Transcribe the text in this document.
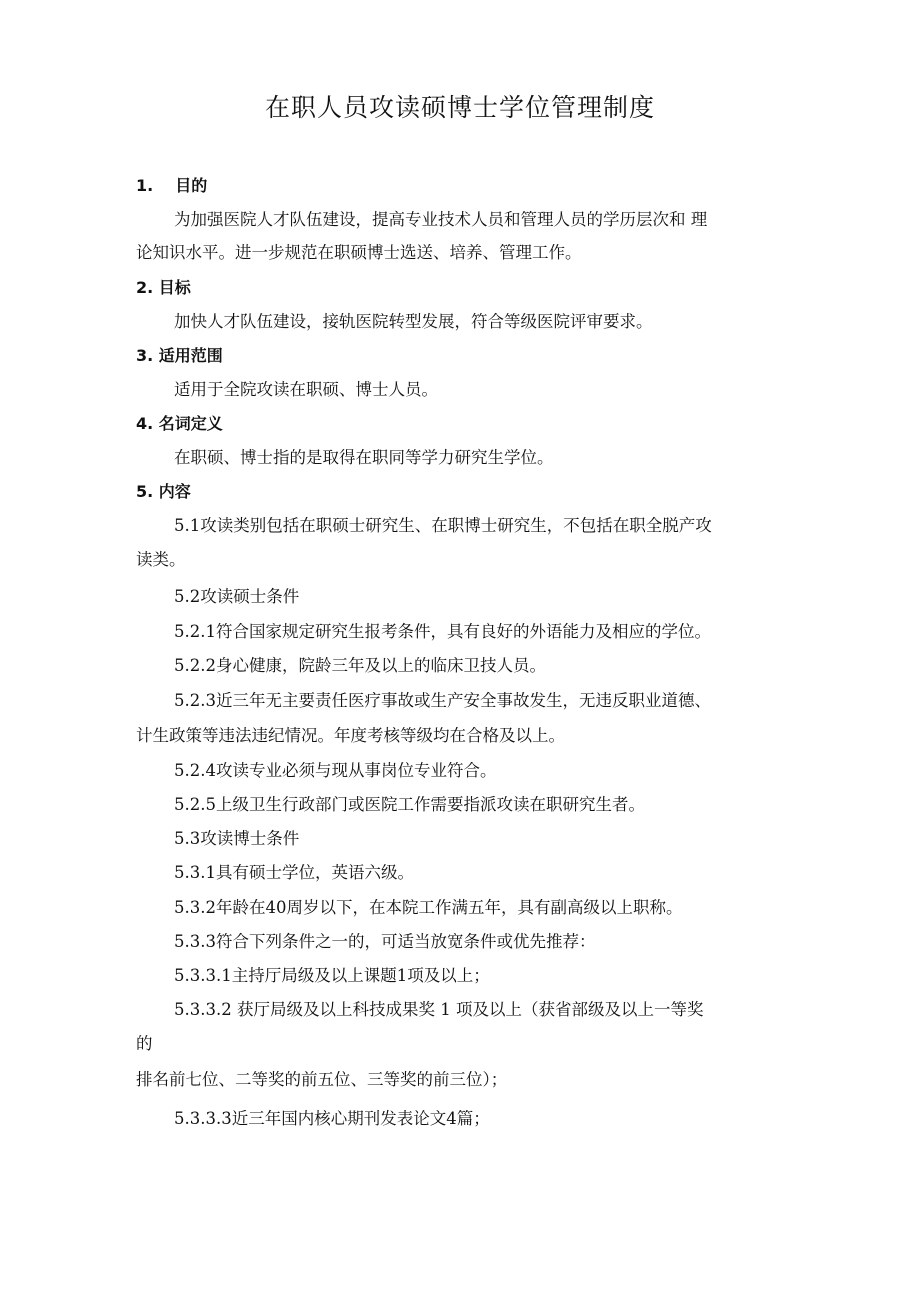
在职人员攻读硕博士学位管理制度
1. 目的
为加强医院人才队伍建设，提高专业技术人员和管理人员的学历层次和 理
论知识水平。进一步规范在职硕博士选送、培养、管理工作。
2. 目标
加快人才队伍建设，接轨医院转型发展，符合等级医院评审要求。
3. 适用范围
适用于全院攻读在职硕、博士人员。
4. 名词定义
在职硕、博士指的是取得在职同等学力研究生学位。
5. 内容
5.1攻读类别包括在职硕士研究生、在职博士研究生，不包括在职全脱产攻
读类。
5.2攻读硕士条件
5.2.1符合国家规定研究生报考条件，具有良好的外语能力及相应的学位。
5.2.2身心健康，院龄三年及以上的临床卫技人员。
5.2.3近三年无主要责任医疗事故或生产安全事故发生，无违反职业道德、
计生政策等违法违纪情况。年度考核等级均在合格及以上。
5.2.4攻读专业必须与现从事岗位专业符合。
5.2.5上级卫生行政部门或医院工作需要指派攻读在职研究生者。
5.3攻读博士条件
5.3.1具有硕士学位，英语六级。
5.3.2年龄在40周岁以下，在本院工作满五年，具有副高级以上职称。
5.3.3符合下列条件之一的，可适当放宽条件或优先推荐：
5.3.3.1主持厅局级及以上课题1项及以上；
5.3.3.2 获厅局级及以上科技成果奖 1 项及以上（获省部级及以上一等奖
的
排名前七位、二等奖的前五位、三等奖的前三位）；
5.3.3.3近三年国内核心期刊发表论文4篇；
